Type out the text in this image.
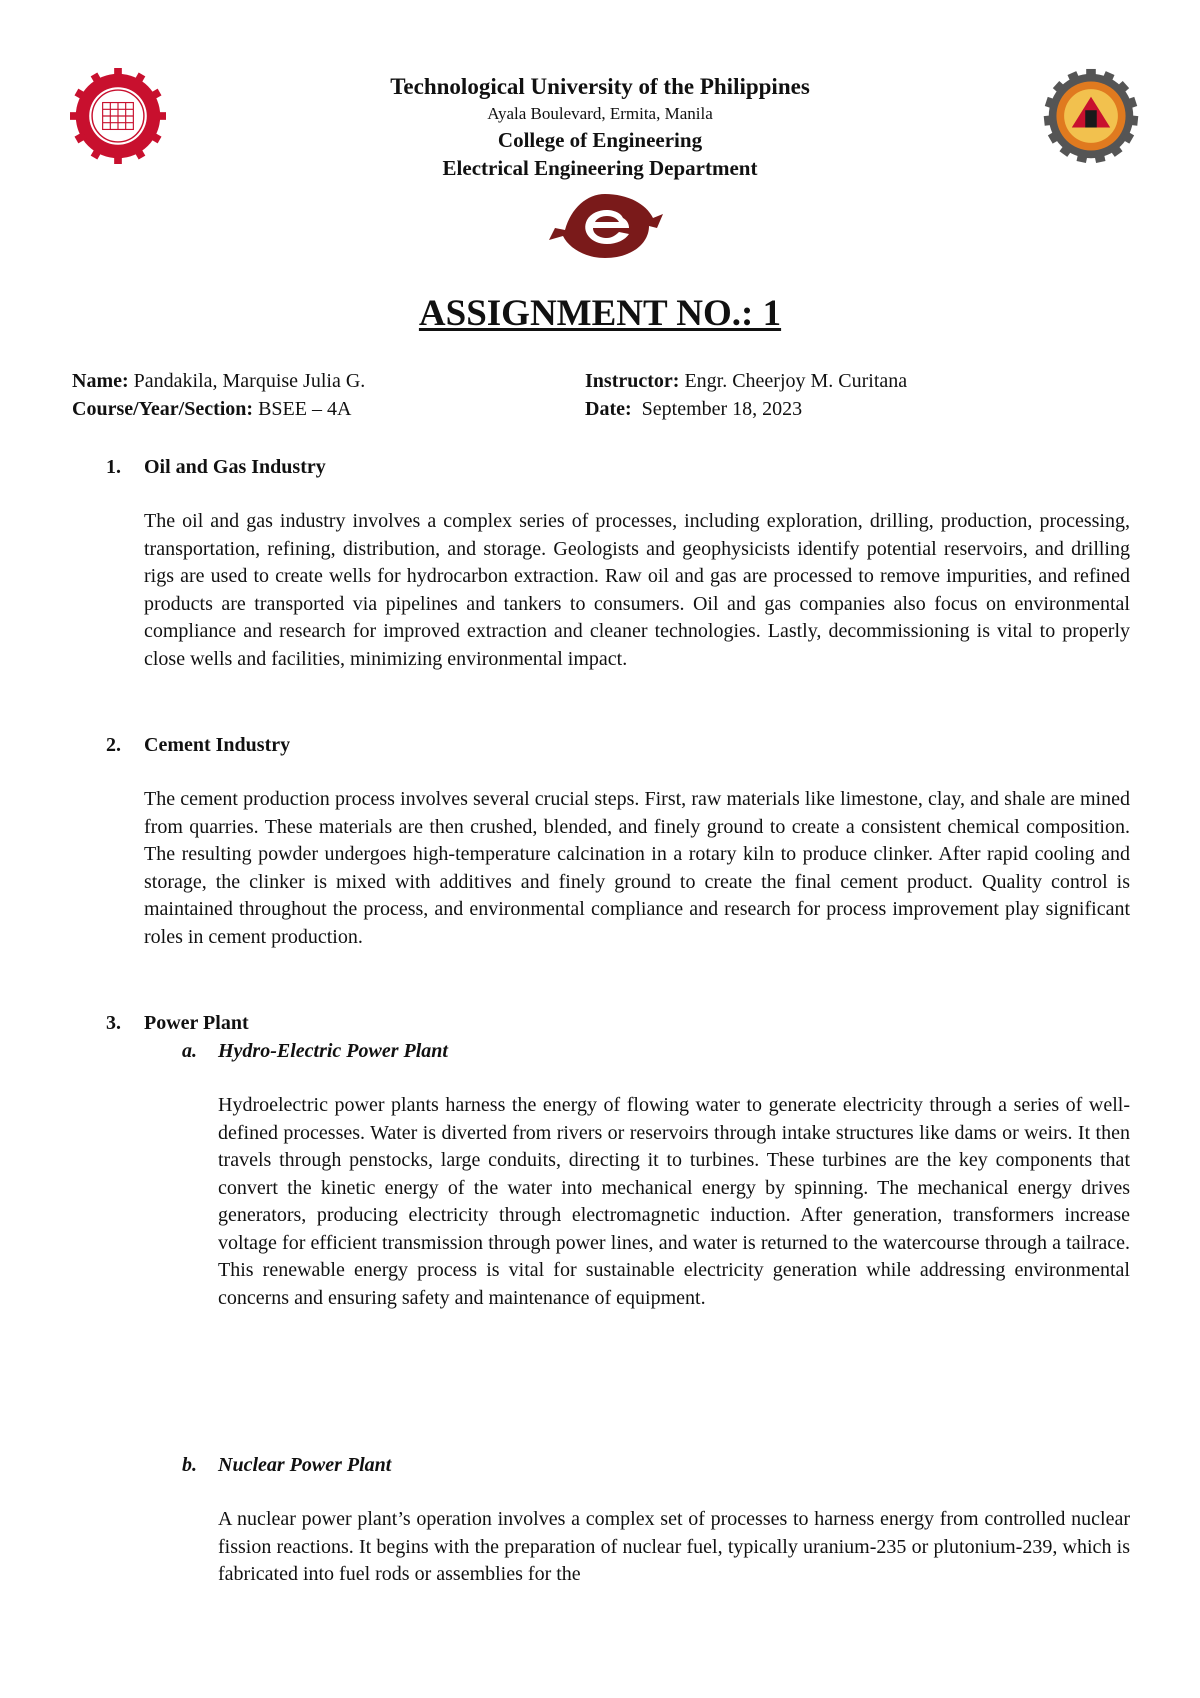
Technological University of the Philippines
Ayala Boulevard, Ermita, Manila
College of Engineering
Electrical Engineering Department
ASSIGNMENT NO.: 1
Name: Pandakila, Marquise Julia G.
Course/Year/Section: BSEE – 4A
Instructor: Engr. Cheerjoy M. Curitana
Date: September 18, 2023
1. Oil and Gas Industry

The oil and gas industry involves a complex series of processes, including exploration, drilling, production, processing, transportation, refining, distribution, and storage. Geologists and geophysicists identify potential reservoirs, and drilling rigs are used to create wells for hydrocarbon extraction. Raw oil and gas are processed to remove impurities, and refined products are transported via pipelines and tankers to consumers. Oil and gas companies also focus on environmental compliance and research for improved extraction and cleaner technologies. Lastly, decommissioning is vital to properly close wells and facilities, minimizing environmental impact.

2. Cement Industry

The cement production process involves several crucial steps. First, raw materials like limestone, clay, and shale are mined from quarries. These materials are then crushed, blended, and finely ground to create a consistent chemical composition. The resulting powder undergoes high-temperature calcination in a rotary kiln to produce clinker. After rapid cooling and storage, the clinker is mixed with additives and finely ground to create the final cement product. Quality control is maintained throughout the process, and environmental compliance and research for process improvement play significant roles in cement production.

3. Power Plant
a. Hydro-Electric Power Plant

Hydroelectric power plants harness the energy of flowing water to generate electricity through a series of well-defined processes. Water is diverted from rivers or reservoirs through intake structures like dams or weirs. It then travels through penstocks, large conduits, directing it to turbines. These turbines are the key components that convert the kinetic energy of the water into mechanical energy by spinning. The mechanical energy drives generators, producing electricity through electromagnetic induction. After generation, transformers increase voltage for efficient transmission through power lines, and water is returned to the watercourse through a tailrace. This renewable energy process is vital for sustainable electricity generation while addressing environmental concerns and ensuring safety and maintenance of equipment.

b. Nuclear Power Plant

A nuclear power plant’s operation involves a complex set of processes to harness energy from controlled nuclear fission reactions. It begins with the preparation of nuclear fuel, typically uranium-235 or plutonium-239, which is fabricated into fuel rods or assemblies for the
